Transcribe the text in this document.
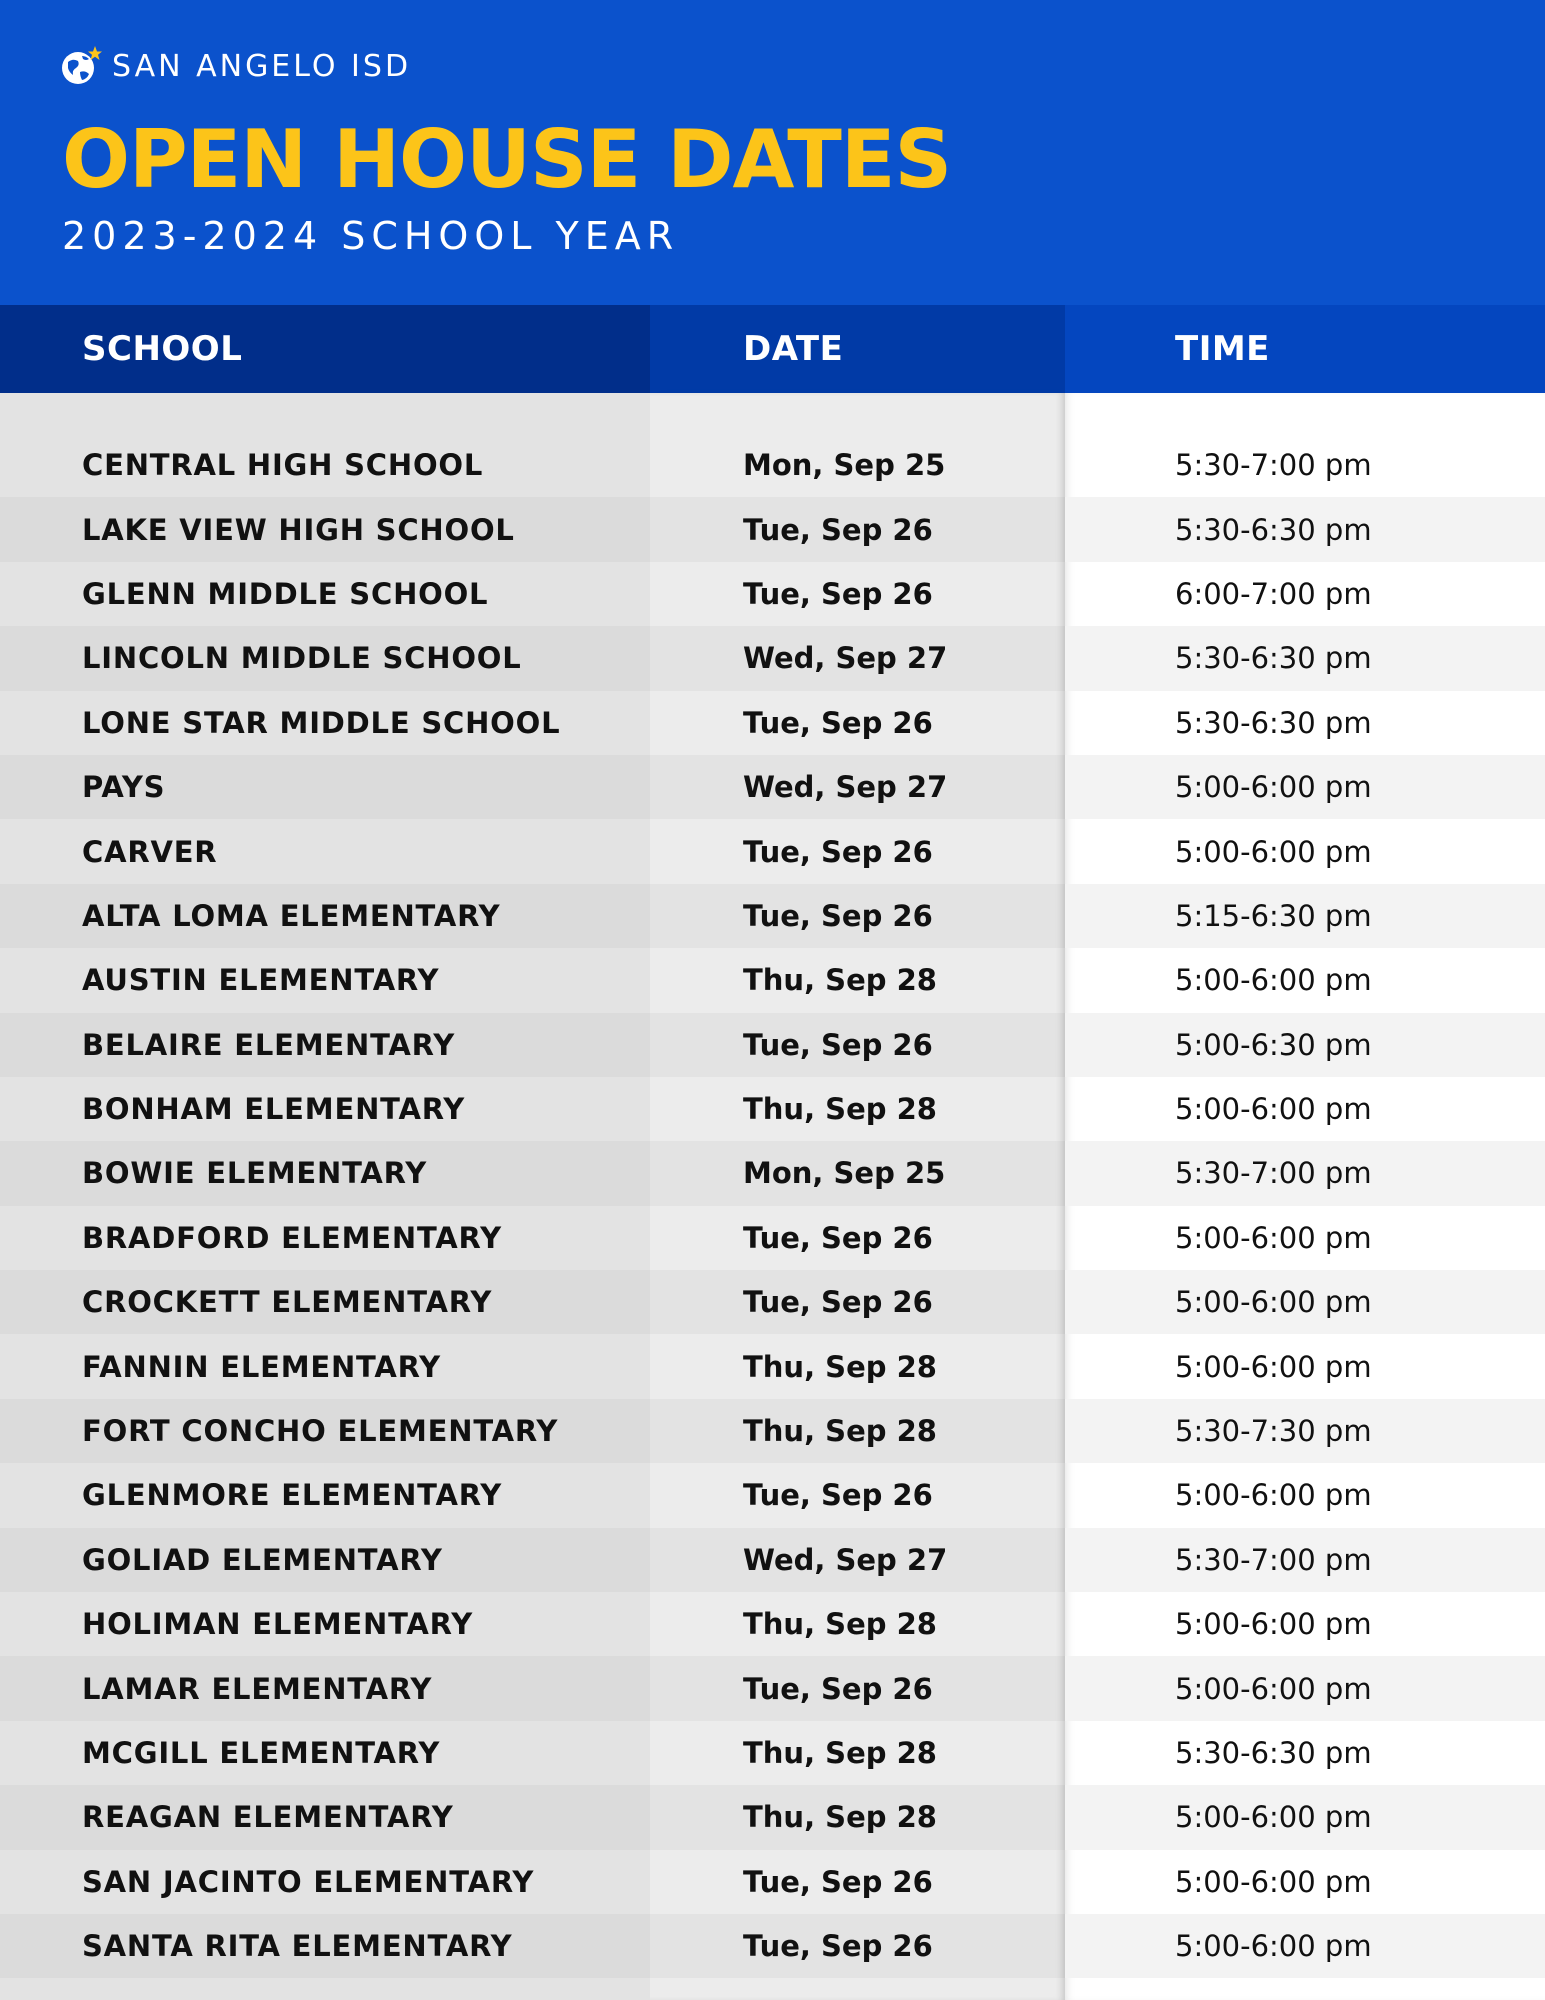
SAN ANGELO ISD
OPEN HOUSE DATES
2023-2024 SCHOOL YEAR
SCHOOL	DATE	TIME
CENTRAL HIGH SCHOOL	Mon, Sep 25	5:30-7:00 pm
LAKE VIEW HIGH SCHOOL	Tue, Sep 26	5:30-6:30 pm
GLENN MIDDLE SCHOOL	Tue, Sep 26	6:00-7:00 pm
LINCOLN MIDDLE SCHOOL	Wed, Sep 27	5:30-6:30 pm
LONE STAR MIDDLE SCHOOL	Tue, Sep 26	5:30-6:30 pm
PAYS	Wed, Sep 27	5:00-6:00 pm
CARVER	Tue, Sep 26	5:00-6:00 pm
ALTA LOMA ELEMENTARY	Tue, Sep 26	5:15-6:30 pm
AUSTIN ELEMENTARY	Thu, Sep 28	5:00-6:00 pm
BELAIRE ELEMENTARY	Tue, Sep 26	5:00-6:30 pm
BONHAM ELEMENTARY	Thu, Sep 28	5:00-6:00 pm
BOWIE ELEMENTARY	Mon, Sep 25	5:30-7:00 pm
BRADFORD ELEMENTARY	Tue, Sep 26	5:00-6:00 pm
CROCKETT ELEMENTARY	Tue, Sep 26	5:00-6:00 pm
FANNIN ELEMENTARY	Thu, Sep 28	5:00-6:00 pm
FORT CONCHO ELEMENTARY	Thu, Sep 28	5:30-7:30 pm
GLENMORE ELEMENTARY	Tue, Sep 26	5:00-6:00 pm
GOLIAD ELEMENTARY	Wed, Sep 27	5:30-7:00 pm
HOLIMAN ELEMENTARY	Thu, Sep 28	5:00-6:00 pm
LAMAR ELEMENTARY	Tue, Sep 26	5:00-6:00 pm
MCGILL ELEMENTARY	Thu, Sep 28	5:30-6:30 pm
REAGAN ELEMENTARY	Thu, Sep 28	5:00-6:00 pm
SAN JACINTO ELEMENTARY	Tue, Sep 26	5:00-6:00 pm
SANTA RITA ELEMENTARY	Tue, Sep 26	5:00-6:00 pm
